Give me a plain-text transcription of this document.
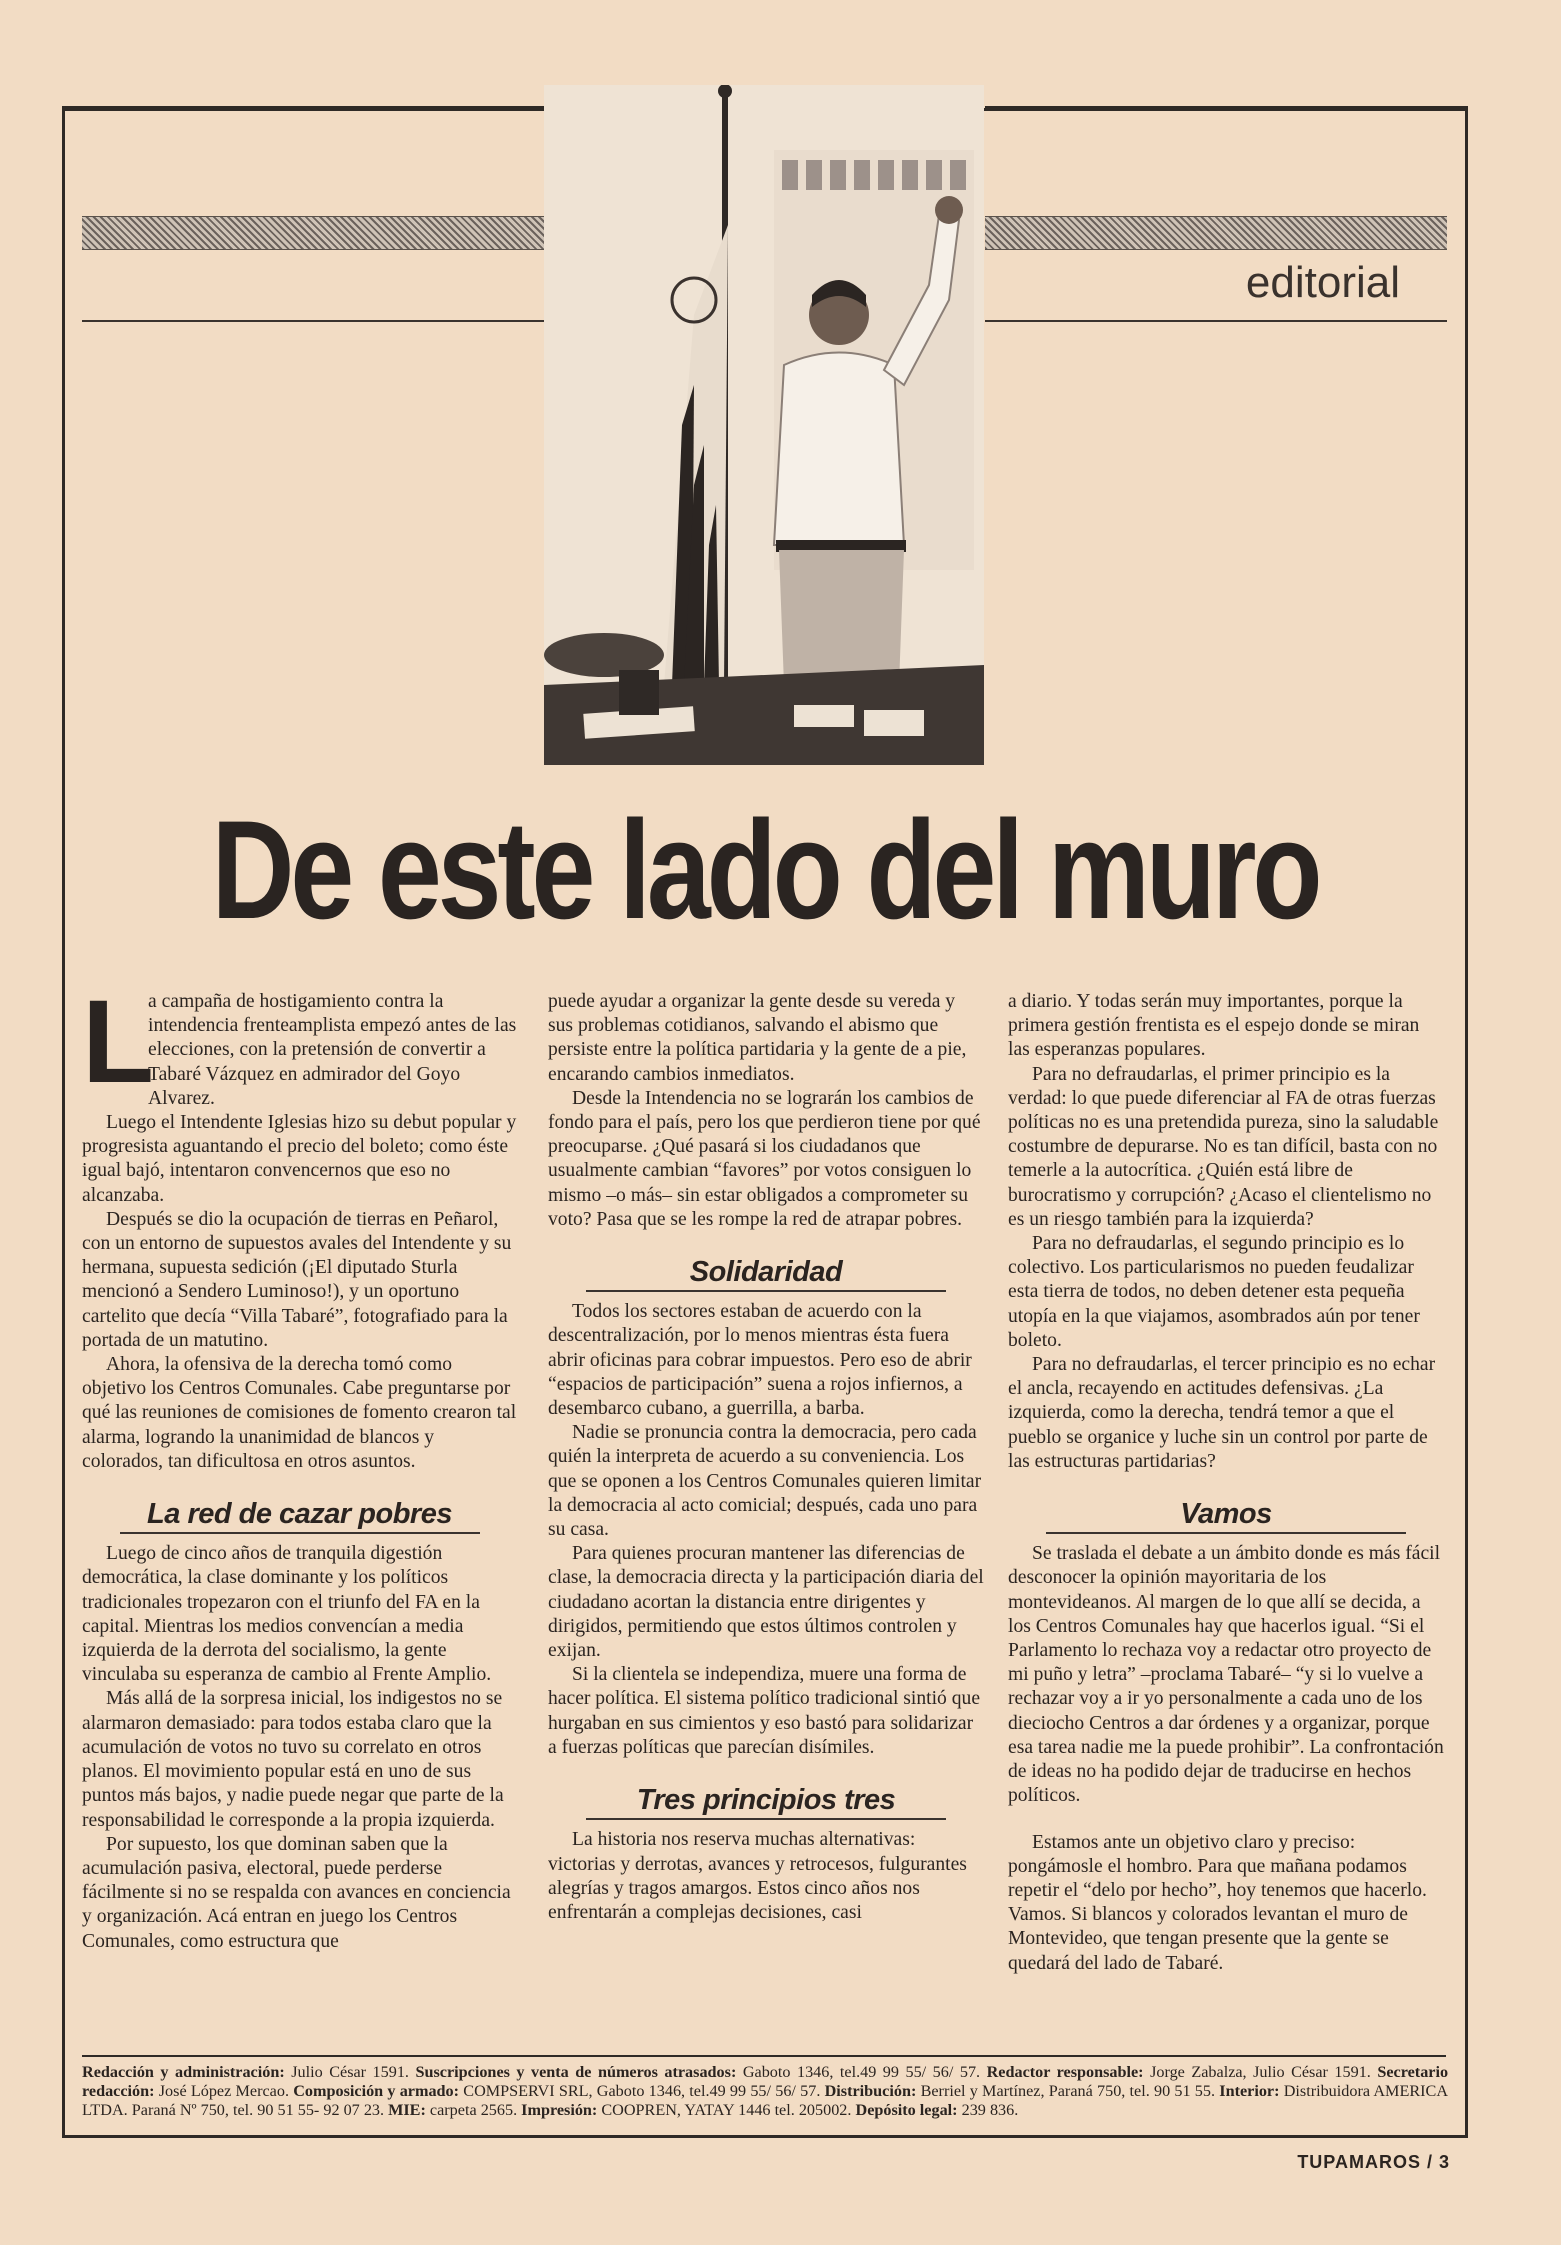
editorial
De este lado del muro
L

a campaña de hostigamiento contra la intendencia frenteamplista empezó antes de las elecciones, con la pretensión de convertir a Tabaré Vázquez en admirador del Goyo Alvarez.

Luego el Intendente Iglesias hizo su debut popular y progresista aguantando el precio del boleto; como éste igual bajó, intentaron convencernos que eso no alcanzaba.

Después se dio la ocupación de tierras en Peñarol, con un entorno de supuestos avales del Intendente y su hermana, supuesta sedición (¡El diputado Sturla mencionó a Sendero Luminoso!), y un oportuno cartelito que decía “Villa Tabaré”, fotografiado para la portada de un matutino.

Ahora, la ofensiva de la derecha tomó como objetivo los Centros Comunales. Cabe preguntarse por qué las reuniones de comisiones de fomento crearon tal alarma, logrando la unanimidad de blancos y colorados, tan dificultosa en otros asuntos.

La red de cazar pobres

Luego de cinco años de tranquila digestión democrática, la clase dominante y los políticos tradicionales tropezaron con el triunfo del FA en la capital. Mientras los medios convencían a media izquierda de la derrota del socialismo, la gente vinculaba su esperanza de cambio al Frente Amplio.

Más allá de la sorpresa inicial, los indigestos no se alarmaron demasiado: para todos estaba claro que la acumulación de votos no tuvo su correlato en otros planos. El movimiento popular está en uno de sus puntos más bajos, y nadie puede negar que parte de la responsabilidad le corresponde a la propia izquierda.

Por supuesto, los que dominan saben que la acumulación pasiva, electoral, puede perderse fácilmente si no se respalda con avances en conciencia y organización. Acá entran en juego los Centros Comunales, como estructura que

puede ayudar a organizar la gente desde su vereda y sus problemas cotidianos, salvando el abismo que persiste entre la política partidaria y la gente de a pie, encarando cambios inmediatos.

Desde la Intendencia no se lograrán los cambios de fondo para el país, pero los que perdieron tiene por qué preocuparse. ¿Qué pasará si los ciudadanos que usualmente cambian “favores” por votos consiguen lo mismo –o más– sin estar obligados a comprometer su voto? Pasa que se les rompe la red de atrapar pobres.

Solidaridad

Todos los sectores estaban de acuerdo con la descentralización, por lo menos mientras ésta fuera abrir oficinas para cobrar impuestos. Pero eso de abrir “espacios de participación” suena a rojos infiernos, a desembarco cubano, a guerrilla, a barba.

Nadie se pronuncia contra la democracia, pero cada quién la interpreta de acuerdo a su conveniencia. Los que se oponen a los Centros Comunales quieren limitar la democracia al acto comicial; después, cada uno para su casa.

Para quienes procuran mantener las diferencias de clase, la democracia directa y la participación diaria del ciudadano acortan la distancia entre dirigentes y dirigidos, permitiendo que estos últimos controlen y exijan.

Si la clientela se independiza, muere una forma de hacer política. El sistema político tradicional sintió que hurgaban en sus cimientos y eso bastó para solidarizar a fuerzas políticas que parecían disímiles.

Tres principios tres

La historia nos reserva muchas alternativas: victorias y derrotas, avances y retrocesos, fulgurantes alegrías y tragos amargos. Estos cinco años nos enfrentarán a complejas decisiones, casi

a diario. Y todas serán muy importantes, porque la primera gestión frentista es el espejo donde se miran las esperanzas populares.

Para no defraudarlas, el primer principio es la verdad: lo que puede diferenciar al FA de otras fuerzas políticas no es una pretendida pureza, sino la saludable costumbre de depurarse. No es tan difícil, basta con no temerle a la autocrítica. ¿Quién está libre de burocratismo y corrupción? ¿Acaso el clientelismo no es un riesgo también para la izquierda?

Para no defraudarlas, el segundo principio es lo colectivo. Los particularismos no pueden feudalizar esta tierra de todos, no deben detener esta pequeña utopía en la que viajamos, asombrados aún por tener boleto.

Para no defraudarlas, el tercer principio es no echar el ancla, recayendo en actitudes defensivas. ¿La izquierda, como la derecha, tendrá temor a que el pueblo se organice y luche sin un control por parte de las estructuras partidarias?

Vamos

Se traslada el debate a un ámbito donde es más fácil desconocer la opinión mayoritaria de los montevideanos. Al margen de lo que allí se decida, a los Centros Comunales hay que hacerlos igual. “Si el Parlamento lo rechaza voy a redactar otro proyecto de mi puño y letra” –proclama Tabaré– “y si lo vuelve a rechazar voy a ir yo personalmente a cada uno de los dieciocho Centros a dar órdenes y a organizar, porque esa tarea nadie me la puede prohibir”. La confrontación de ideas no ha podido dejar de traducirse en hechos políticos.

Estamos ante un objetivo claro y preciso: pongámosle el hombro. Para que mañana podamos repetir el “delo por hecho”, hoy tenemos que hacerlo. Vamos. Si blancos y colorados levantan el muro de Montevideo, que tengan presente que la gente se quedará del lado de Tabaré.

Redacción y administración: Julio César 1591. Suscripciones y venta de números atrasados: Gaboto 1346, tel.49 99 55/ 56/ 57. Redactor responsable: Jorge Zabalza, Julio César 1591. Secretario redacción: José López Mercao. Composición y armado: COMPSERVI SRL, Gaboto 1346, tel.49 99 55/ 56/ 57. Distribución: Berriel y Martínez, Paraná 750, tel. 90 51 55. Interior: Distribuidora AMERICA LTDA. Paraná Nº 750, tel. 90 51 55- 92 07 23. MIE: carpeta 2565. Impresión: COOPREN, YATAY 1446 tel. 205002. Depósito legal: 239 836.
TUPAMAROS / 3
